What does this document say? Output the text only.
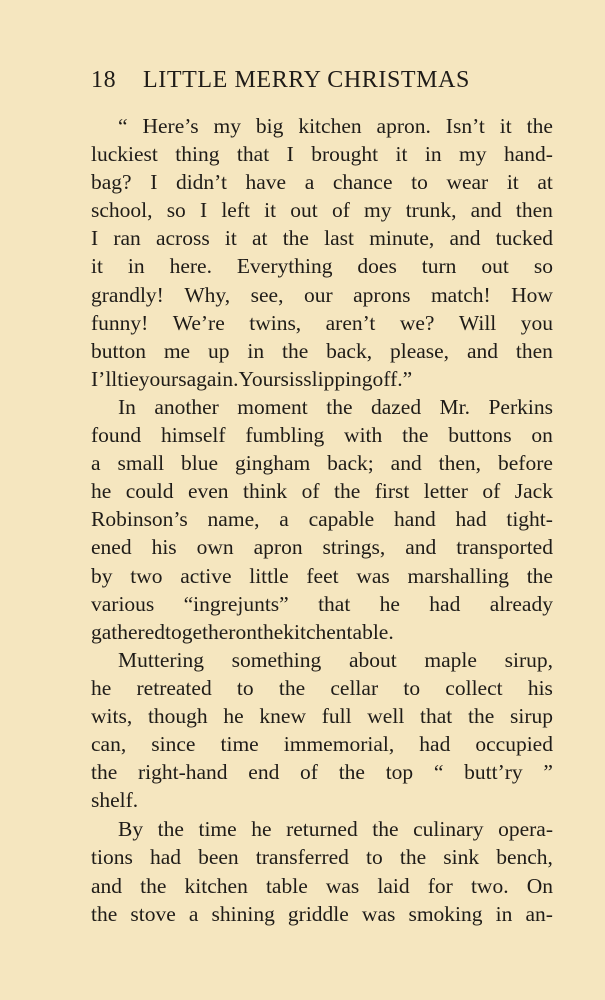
18	LITTLE MERRY CHRISTMAS
“ Here’s my big kitchen apron. Isn’t it the
luckiest thing that I brought it in my hand-
bag? I didn’t have a chance to wear it at
school, so I left it out of my trunk, and then
I ran across it at the last minute, and tucked
it in here. Everything does turn out so
grandly! Why, see, our aprons match! How
funny! We’re twins, aren’t we? Will you
button me up in the back, please, and then
I’ll tie yours again. Yours is slipping off.”
In another moment the dazed Mr. Perkins
found himself fumbling with the buttons on
a small blue gingham back; and then, before
he could even think of the first letter of Jack
Robinson’s name, a capable hand had tight-
ened his own apron strings, and transported
by two active little feet was marshalling the
various “ingrejunts” that he had already
gathered together on the kitchen table.
Muttering something about maple sirup,
he retreated to the cellar to collect his
wits, though he knew full well that the sirup
can, since time immemorial, had occupied
the right-hand end of the top “ butt’ry ”
shelf.
By the time he returned the culinary opera-
tions had been transferred to the sink bench,
and the kitchen table was laid for two. On
the stove a shining griddle was smoking in an-
